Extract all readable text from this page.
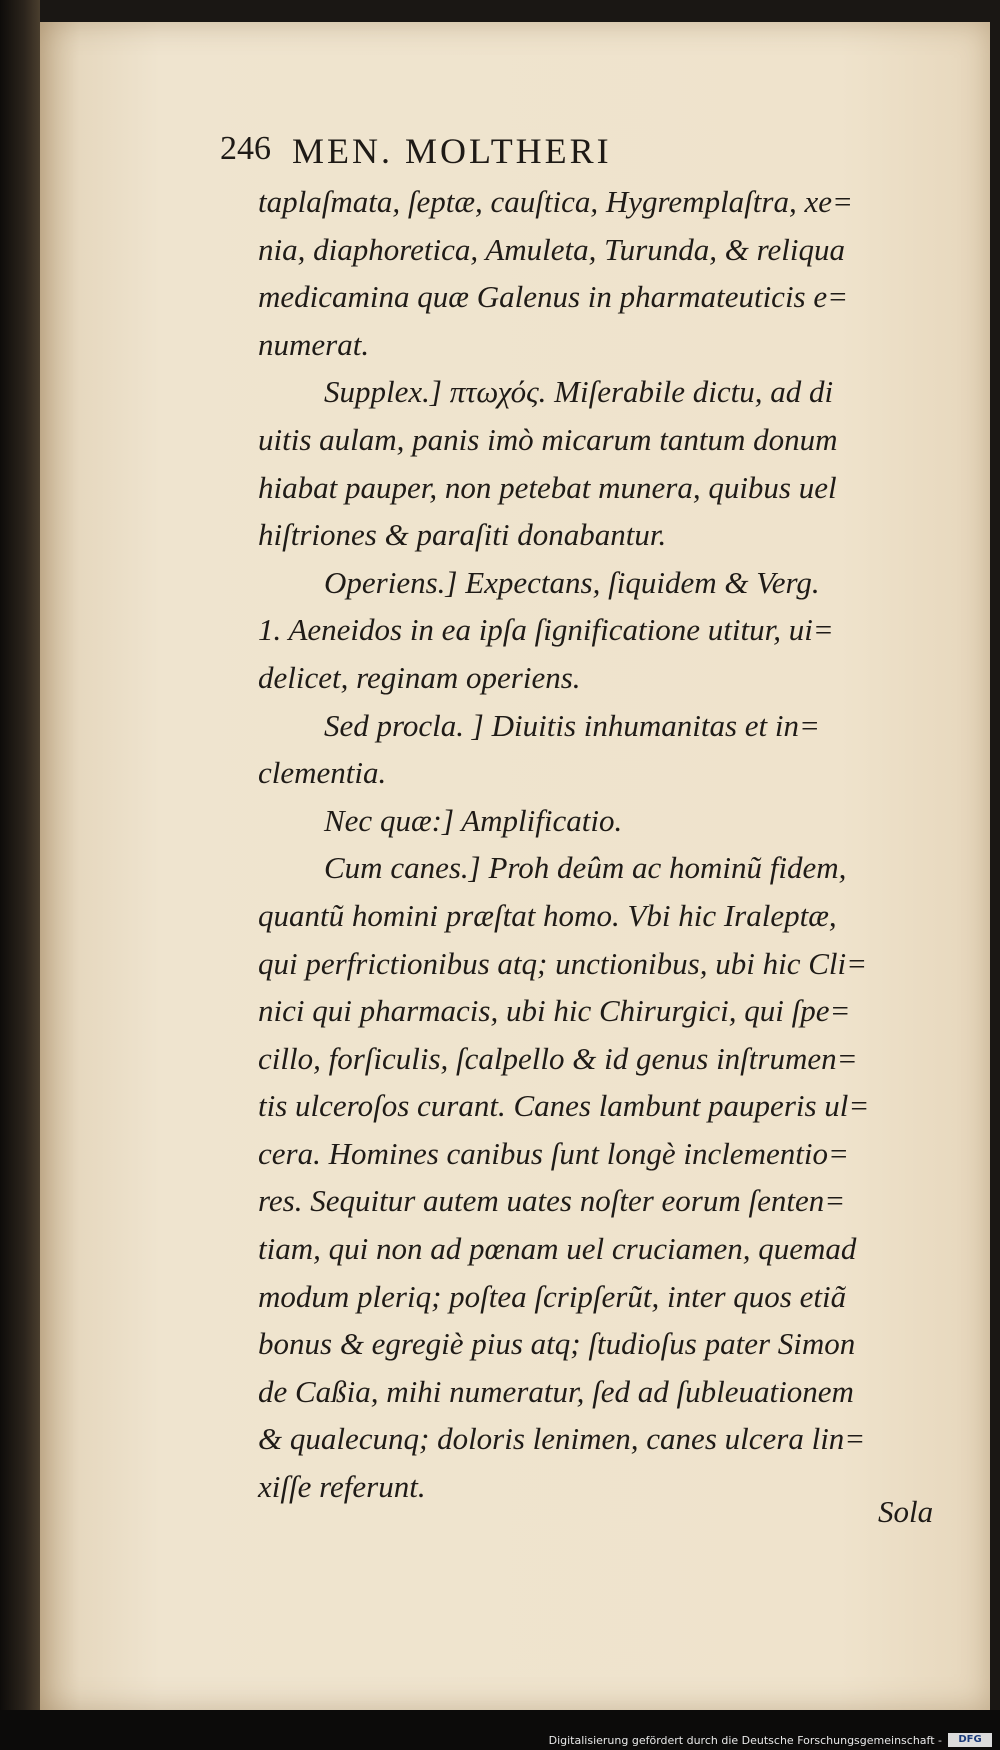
246 MEN. MOLTHERI
taplaſmata, ſeptæ, cauſtica, Hygremplaſtra, xe=
nia, diaphoretica, Amuleta, Turunda, & reliqua
medicamina quæ Galenus in pharmateuticis e=
numerat.
Supplex.] πτωχός. Miſerabile dictu, ad di
uitis aulam, panis imò micarum tantum donum
hiabat pauper, non petebat munera, quibus uel
hiſtriones & paraſiti donabantur.
Operiens.] Expectans, ſiquidem & Verg.
1. Aeneidos in ea ipſa ſignificatione utitur, ui=
delicet, reginam operiens.
Sed procla. ] Diuitis inhumanitas et in=
clementia.
Nec quæ:] Amplificatio.
Cum canes.] Proh deûm ac hominũ fidem,
quantũ homini præſtat homo. Vbi hic Iraleptæ,
qui perfrictionibus atq; unctionibus, ubi hic Cli=
nici qui pharmacis, ubi hic Chirurgici, qui ſpe=
cillo, forſiculis, ſcalpello & id genus inſtrumen=
tis ulceroſos curant. Canes lambunt pauperis ul=
cera. Homines canibus ſunt longè inclementio=
res. Sequitur autem uates noſter eorum ſenten=
tiam, qui non ad pœnam uel cruciamen, quemad
modum pleriq; poſtea ſcripſerũt, inter quos etiã
bonus & egregiè pius atq; ſtudioſus pater Simon
de Caßia, mihi numeratur, ſed ad ſubleuationem
& qualecunq; doloris lenimen, canes ulcera lin=
xiſſe referunt.
Sola
Digitalisierung gefördert durch die Deutsche Forschungsgemeinschaft -	DFG
